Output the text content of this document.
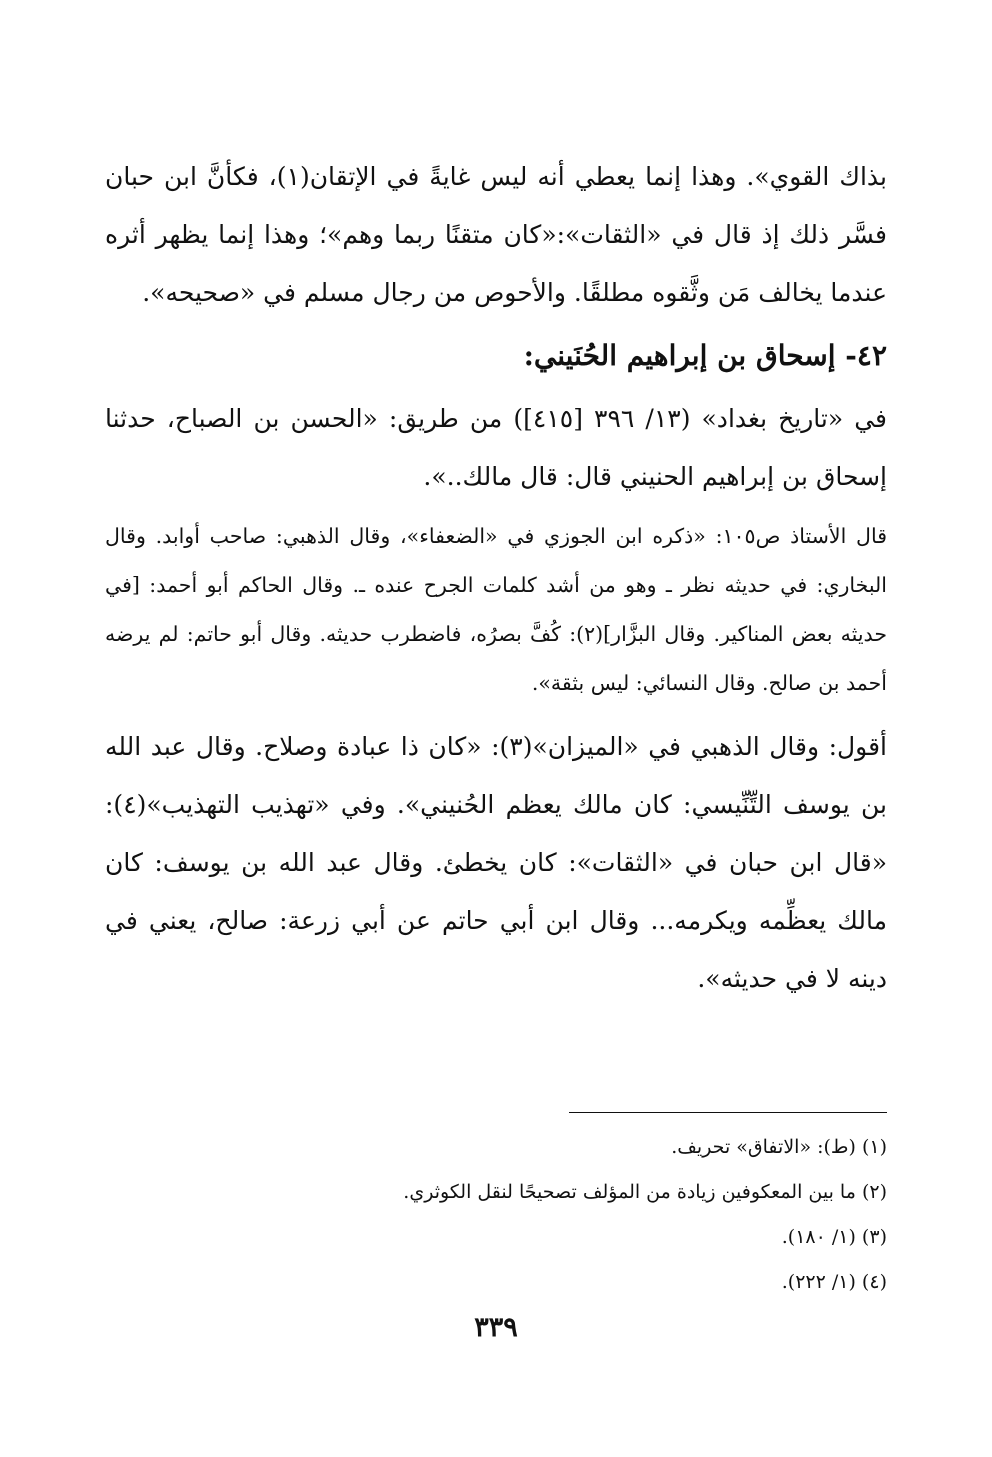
بذاك القوي». وهذا إنما يعطي أنه ليس غايةً في الإتقان(١)، فكأنَّ ابن حبان فسَّر ذلك إذ قال في «الثقات»:«كان متقنًا ربما وهم»؛ وهذا إنما يظهر أثره عندما يخالف مَن وثَّقوه مطلقًا. والأحوص من رجال مسلم في «صحيحه».

٤٢- إسحاق بن إبراهيم الحُنَيني:

في «تاريخ بغداد» (١٣/ ٣٩٦ [٤١٥]) من طريق: «الحسن بن الصباح، حدثنا إسحاق بن إبراهيم الحنيني قال: قال مالك..».

قال الأستاذ ص١٠٥: «ذكره ابن الجوزي في «الضعفاء»، وقال الذهبي: صاحب أوابد. وقال البخاري: في حديثه نظر ـ وهو من أشد كلمات الجرح عنده ـ. وقال الحاكم أبو أحمد: [في حديثه بعض المناكير. وقال البزَّار](٢): كُفَّ بصرُه، فاضطرب حديثه. وقال أبو حاتم: لم يرضه أحمد بن صالح. وقال النسائي: ليس بثقة».

أقول: وقال الذهبي في «الميزان»(٣): «كان ذا عبادة وصلاح. وقال عبد الله بن يوسف التِّنِّيسي: كان مالك يعظم الحُنيني». وفي «تهذيب التهذيب»(٤): «قال ابن حبان في «الثقات»: كان يخطئ. وقال عبد الله بن يوسف: كان مالك يعظِّمه ويكرمه... وقال ابن أبي حاتم عن أبي زرعة: صالح، يعني في دينه لا في حديثه».

(١) (ط): «الاتفاق» تحريف.

(٢) ما بين المعكوفين زيادة من المؤلف تصحيحًا لنقل الكوثري.

(٣) (١/ ١٨٠).

(٤) (١/ ٢٢٢).

٣٣٩
